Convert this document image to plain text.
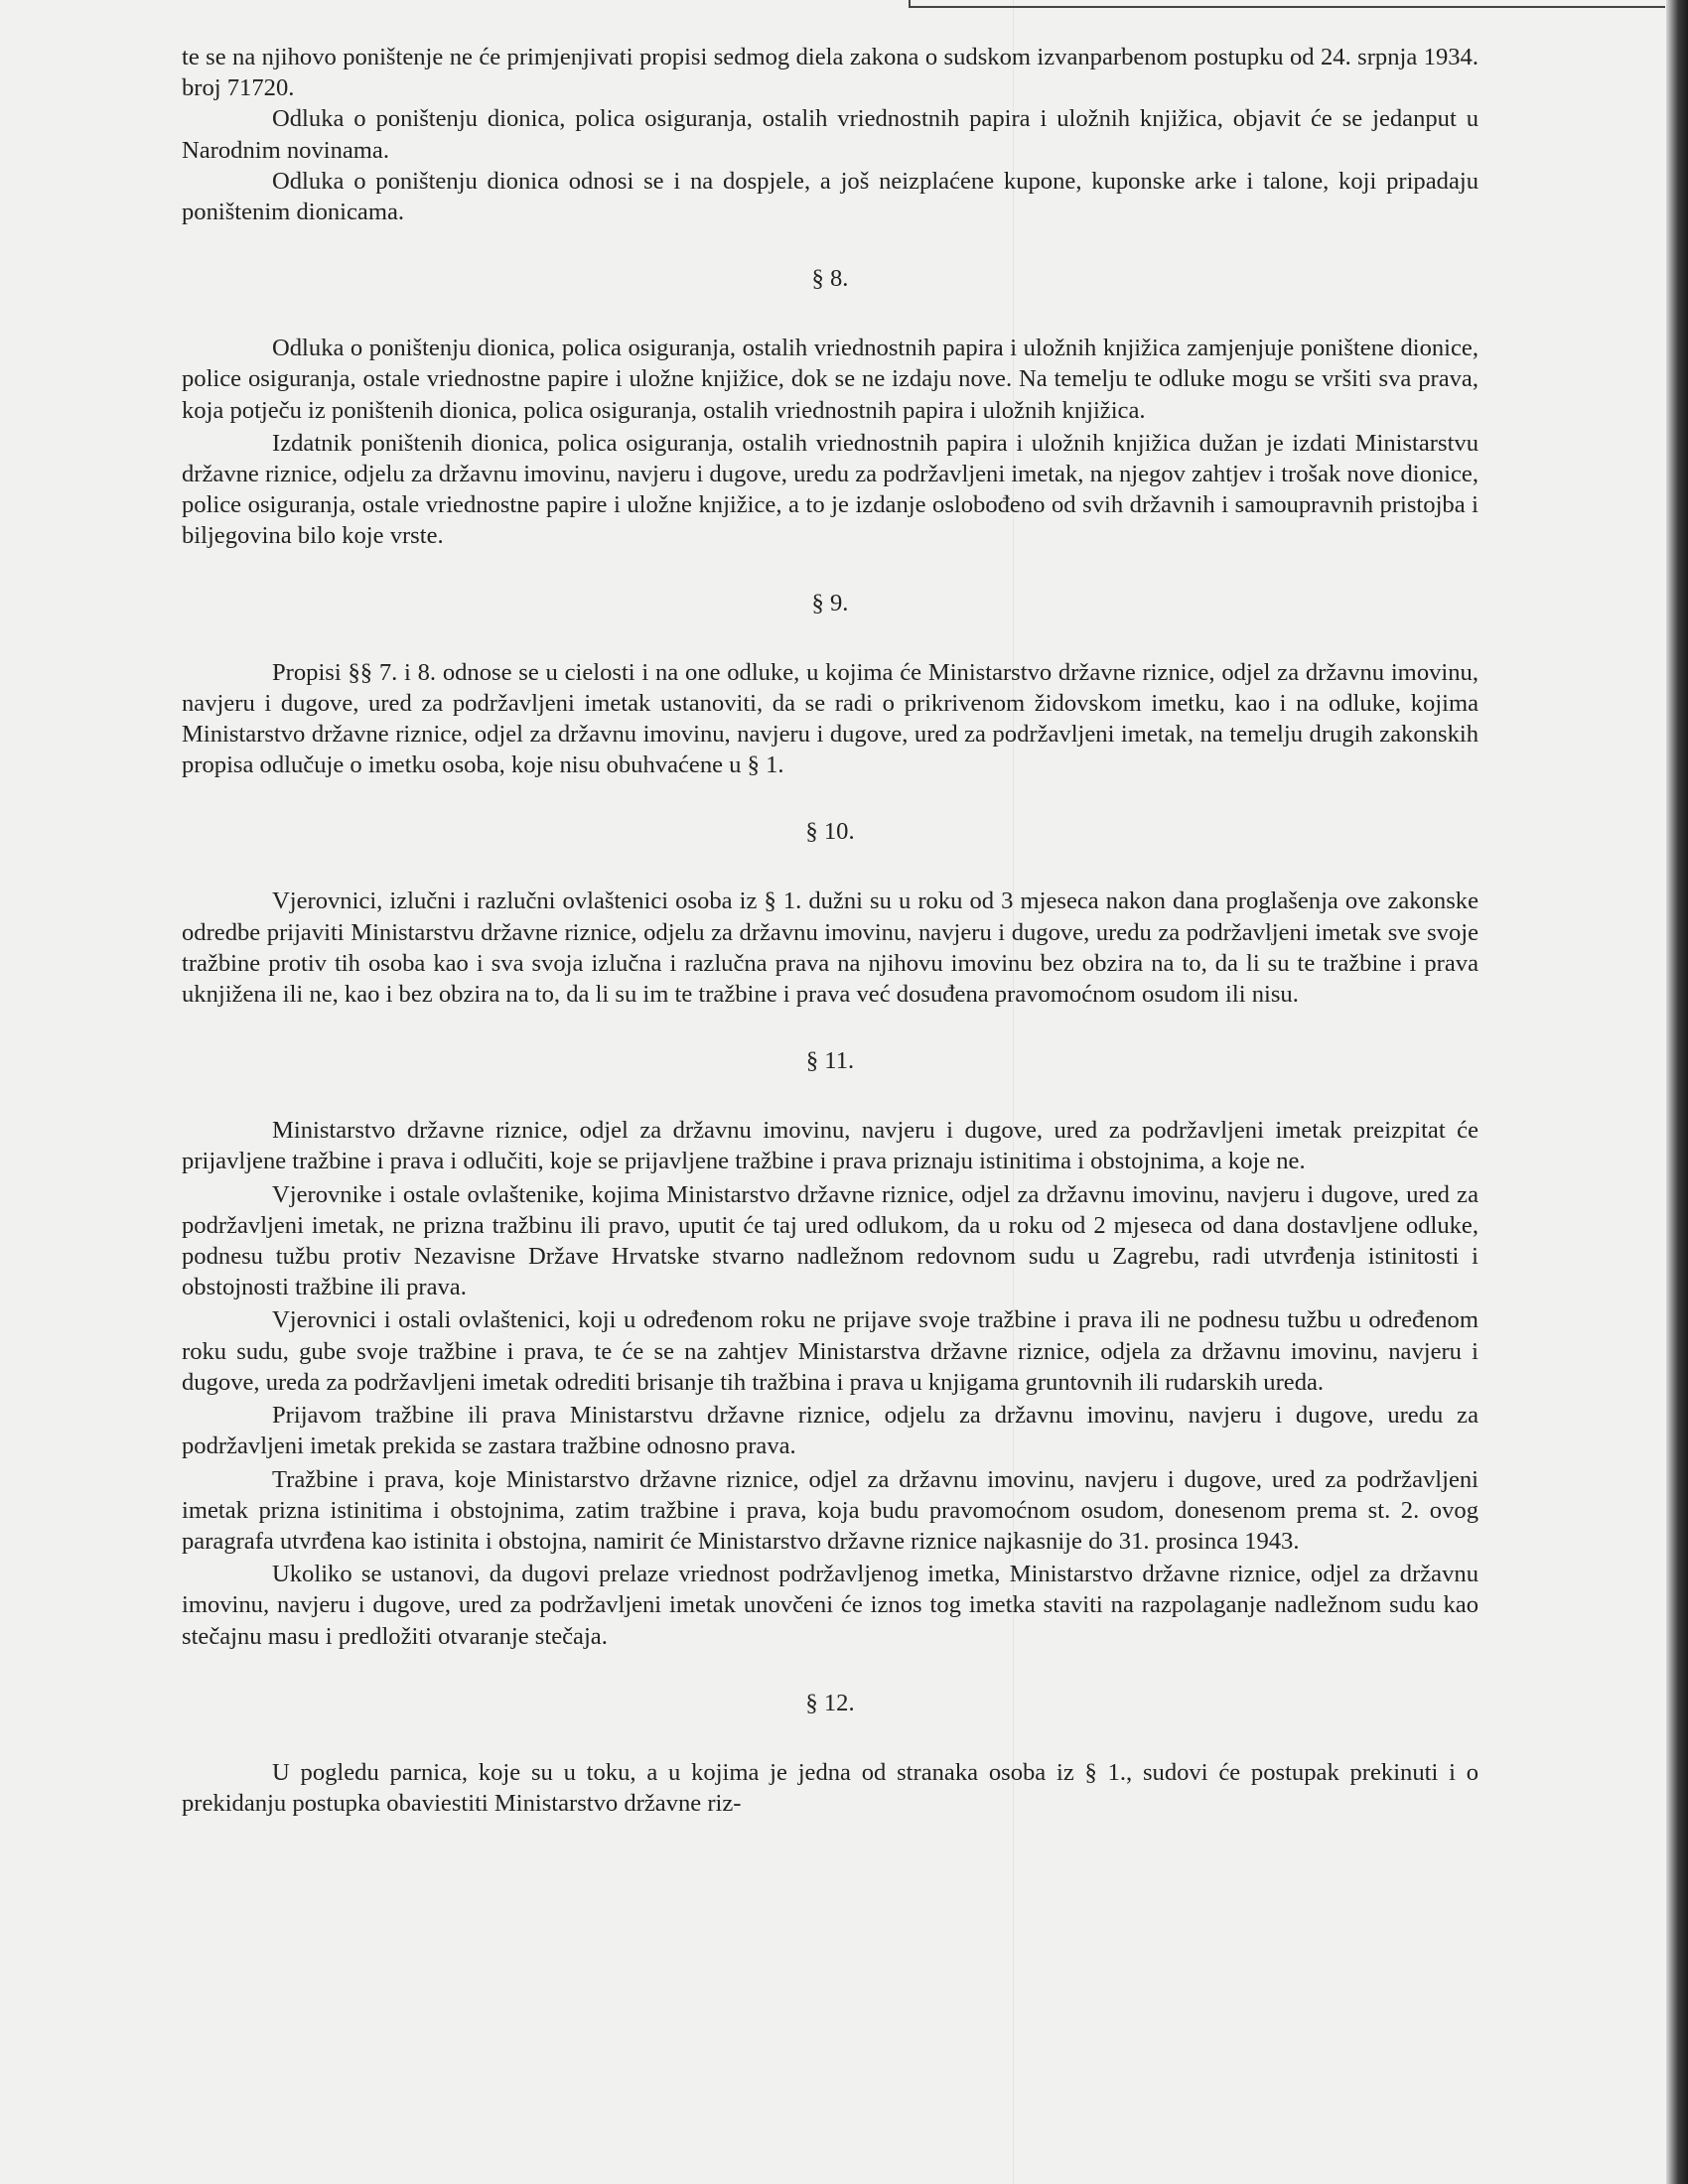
te se na njihovo poništenje ne će primjenjivati propisi sedmog diela zakona o sudskom izvanparbenom postupku od 24. srpnja 1934. broj 71720.

Odluka o poništenju dionica, polica osiguranja, ostalih vriednostnih papira i uložnih knjižica, objavit će se jedanput u Narodnim novinama.

Odluka o poništenju dionica odnosi se i na dospjele, a još neizplaćene kupone, kuponske arke i talone, koji pripadaju poništenim dionicama.

§ 8.

Odluka o poništenju dionica, polica osiguranja, ostalih vriednostnih papira i uložnih knjižica zamjenjuje poništene dionice, police osiguranja, ostale vriednostne papire i uložne knjižice, dok se ne izdaju nove. Na temelju te odluke mogu se vršiti sva prava, koja potječu iz poništenih dionica, polica osiguranja, ostalih vriednostnih papira i uložnih knjižica.

Izdatnik poništenih dionica, polica osiguranja, ostalih vriednostnih papira i uložnih knjižica dužan je izdati Ministarstvu državne riznice, odjelu za državnu imovinu, navjeru i dugove, uredu za podržavljeni imetak, na njegov zahtjev i trošak nove dionice, police osiguranja, ostale vriednostne papire i uložne knjižice, a to je izdanje oslobođeno od svih državnih i samoupravnih pristojba i biljegovina bilo koje vrste.

§ 9.

Propisi §§ 7. i 8. odnose se u cielosti i na one odluke, u kojima će Ministarstvo državne riznice, odjel za državnu imovinu, navjeru i dugove, ured za podržavljeni imetak ustanoviti, da se radi o prikrivenom židovskom imetku, kao i na odluke, kojima Ministarstvo državne riznice, odjel za državnu imovinu, navjeru i dugove, ured za podržavljeni imetak, na temelju drugih zakonskih propisa odlučuje o imetku osoba, koje nisu obuhvaćene u § 1.

§ 10.

Vjerovnici, izlučni i razlučni ovlaštenici osoba iz § 1. dužni su u roku od 3 mjeseca nakon dana proglašenja ove zakonske odredbe prijaviti Ministarstvu državne riznice, odjelu za državnu imovinu, navjeru i dugove, uredu za podržavljeni imetak sve svoje tražbine protiv tih osoba kao i sva svoja izlučna i razlučna prava na njihovu imovinu bez obzira na to, da li su te tražbine i prava uknjižena ili ne, kao i bez obzira na to, da li su im te tražbine i prava već dosuđena pravomoćnom osudom ili nisu.

§ 11.

Ministarstvo državne riznice, odjel za državnu imovinu, navjeru i dugove, ured za podržavljeni imetak preizpitat će prijavljene tražbine i prava i odlučiti, koje se prijavljene tražbine i prava priznaju istinitima i obstojnima, a koje ne.

Vjerovnike i ostale ovlaštenike, kojima Ministarstvo državne riznice, odjel za državnu imovinu, navjeru i dugove, ured za podržavljeni imetak, ne prizna tražbinu ili pravo, uputit će taj ured odlukom, da u roku od 2 mjeseca od dana dostavljene odluke, podnesu tužbu protiv Nezavisne Države Hrvatske stvarno nadležnom redovnom sudu u Zagrebu, radi utvrđenja istinitosti i obstojnosti tražbine ili prava.

Vjerovnici i ostali ovlaštenici, koji u određenom roku ne prijave svoje tražbine i prava ili ne podnesu tužbu u određenom roku sudu, gube svoje tražbine i prava, te će se na zahtjev Ministarstva državne riznice, odjela za državnu imovinu, navjeru i dugove, ureda za podržavljeni imetak odrediti brisanje tih tražbina i prava u knjigama gruntovnih ili rudarskih ureda.

Prijavom tražbine ili prava Ministarstvu državne riznice, odjelu za državnu imovinu, navjeru i dugove, uredu za podržavljeni imetak prekida se zastara tražbine odnosno prava.

Tražbine i prava, koje Ministarstvo državne riznice, odjel za državnu imovinu, navjeru i dugove, ured za podržavljeni imetak prizna istinitima i obstojnima, zatim tražbine i prava, koja budu pravomoćnom osudom, donesenom prema st. 2. ovog paragrafa utvrđena kao istinita i obstojna, namirit će Ministarstvo državne riznice najkasnije do 31. prosinca 1943.

Ukoliko se ustanovi, da dugovi prelaze vriednost podržavljenog imetka, Ministarstvo državne riznice, odjel za državnu imovinu, navjeru i dugove, ured za podržavljeni imetak unovčeni će iznos tog imetka staviti na razpolaganje nadležnom sudu kao stečajnu masu i predložiti otvaranje stečaja.

§ 12.

U pogledu parnica, koje su u toku, a u kojima je jedna od stranaka osoba iz § 1., sudovi će postupak prekinuti i o prekidanju postupka obaviestiti Ministarstvo državne riz-
